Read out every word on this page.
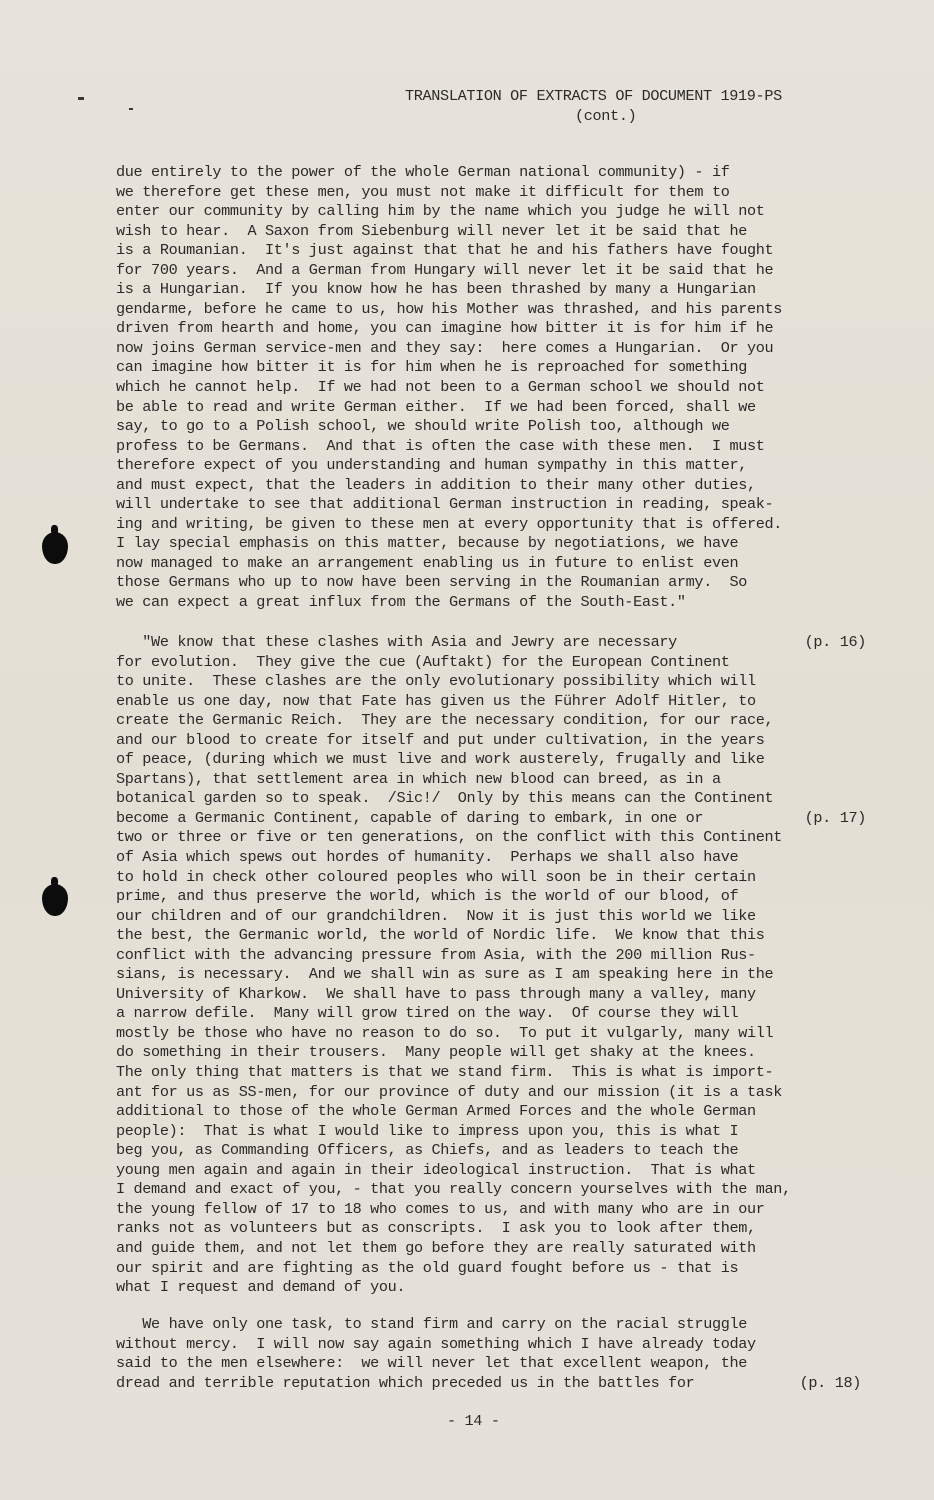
TRANSLATION OF EXTRACTS OF DOCUMENT 1919-PS
(cont.)
due entirely to the power of the whole German national community) - if
we therefore get these men, you must not make it difficult for them to
enter our community by calling him by the name which you judge he will not
wish to hear.  A Saxon from Siebenburg will never let it be said that he
is a Roumanian.  It's just against that that he and his fathers have fought
for 700 years.  And a German from Hungary will never let it be said that he
is a Hungarian.  If you know how he has been thrashed by many a Hungarian
gendarme, before he came to us, how his Mother was thrashed, and his parents
driven from hearth and home, you can imagine how bitter it is for him if he
now joins German service-men and they say:  here comes a Hungarian.  Or you
can imagine how bitter it is for him when he is reproached for something
which he cannot help.  If we had not been to a German school we should not
be able to read and write German either.  If we had been forced, shall we
say, to go to a Polish school, we should write Polish too, although we
profess to be Germans.  And that is often the case with these men.  I must
therefore expect of you understanding and human sympathy in this matter,
and must expect, that the leaders in addition to their many other duties,
will undertake to see that additional German instruction in reading, speak-
ing and writing, be given to these men at every opportunity that is offered.
I lay special emphasis on this matter, because by negotiations, we have
now managed to make an arrangement enabling us in future to enlist even
those Germans who up to now have been serving in the Roumanian army.  So
we can expect a great influx from the Germans of the South-East."
"We know that these clashes with Asia and Jewry are necessary	(p. 16)
for evolution.  They give the cue (Auftakt) for the European Continent
to unite.  These clashes are the only evolutionary possibility which will
enable us one day, now that Fate has given us the Führer Adolf Hitler, to
create the Germanic Reich.  They are the necessary condition, for our race,
and our blood to create for itself and put under cultivation, in the years
of peace, (during which we must live and work austerely, frugally and like
Spartans), that settlement area in which new blood can breed, as in a
botanical garden so to speak.  /Sic!/  Only by this means can the Continent
become a Germanic Continent, capable of daring to embark, in one or	(p. 17)
two or three or five or ten generations, on the conflict with this Continent
of Asia which spews out hordes of humanity.  Perhaps we shall also have
to hold in check other coloured peoples who will soon be in their certain
prime, and thus preserve the world, which is the world of our blood, of
our children and of our grandchildren.  Now it is just this world we like
the best, the Germanic world, the world of Nordic life.  We know that this
conflict with the advancing pressure from Asia, with the 200 million Rus-
sians, is necessary.  And we shall win as sure as I am speaking here in the
University of Kharkow.  We shall have to pass through many a valley, many
a narrow defile.  Many will grow tired on the way.  Of course they will
mostly be those who have no reason to do so.  To put it vulgarly, many will
do something in their trousers.  Many people will get shaky at the knees.
The only thing that matters is that we stand firm.  This is what is import-
ant for us as SS-men, for our province of duty and our mission (it is a task
additional to those of the whole German Armed Forces and the whole German
people):  That is what I would like to impress upon you, this is what I
beg you, as Commanding Officers, as Chiefs, and as leaders to teach the
young men again and again in their ideological instruction.  That is what
I demand and exact of you, - that you really concern yourselves with the man,
the young fellow of 17 to 18 who comes to us, and with many who are in our
ranks not as volunteers but as conscripts.  I ask you to look after them,
and guide them, and not let them go before they are really saturated with
our spirit and are fighting as the old guard fought before us - that is
what I request and demand of you.
We have only one task, to stand firm and carry on the racial struggle
without mercy.  I will now say again something which I have already today
said to the men elsewhere:  we will never let that excellent weapon, the
dread and terrible reputation which preceded us in the battles for	(p. 18)
- 14 -
